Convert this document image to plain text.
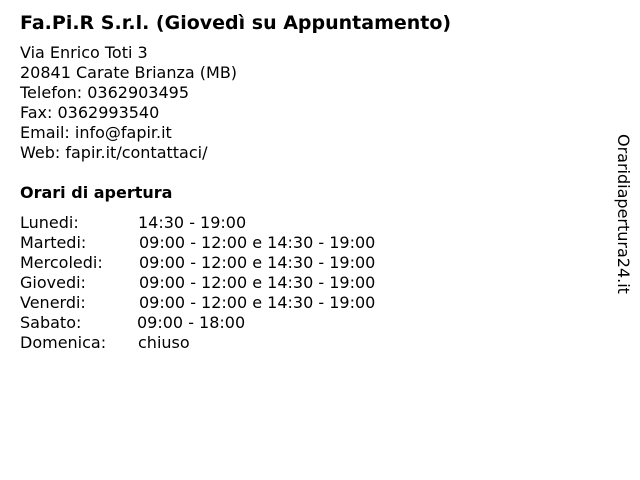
Fa.Pi.R S.r.l. (Giovedì su Appuntamento)
Via Enrico Toti 3
20841 Carate Brianza (MB)
Telefon: 0362903495
Fax: 0362993540
Email: info@fapir.it
Web: fapir.it/contattaci/
Orari di apertura
Lunedi:	14:30 - 19:00
Martedi:	09:00 - 12:00 e 14:30 - 19:00
Mercoledi: 09:00 - 12:00 e 14:30 - 19:00
Giovedi:	09:00 - 12:00 e 14:30 - 19:00
Venerdi:	09:00 - 12:00 e 14:30 - 19:00
Sabato:	09:00 - 18:00
Domenica: chiuso
Oraridiapertura24.it
